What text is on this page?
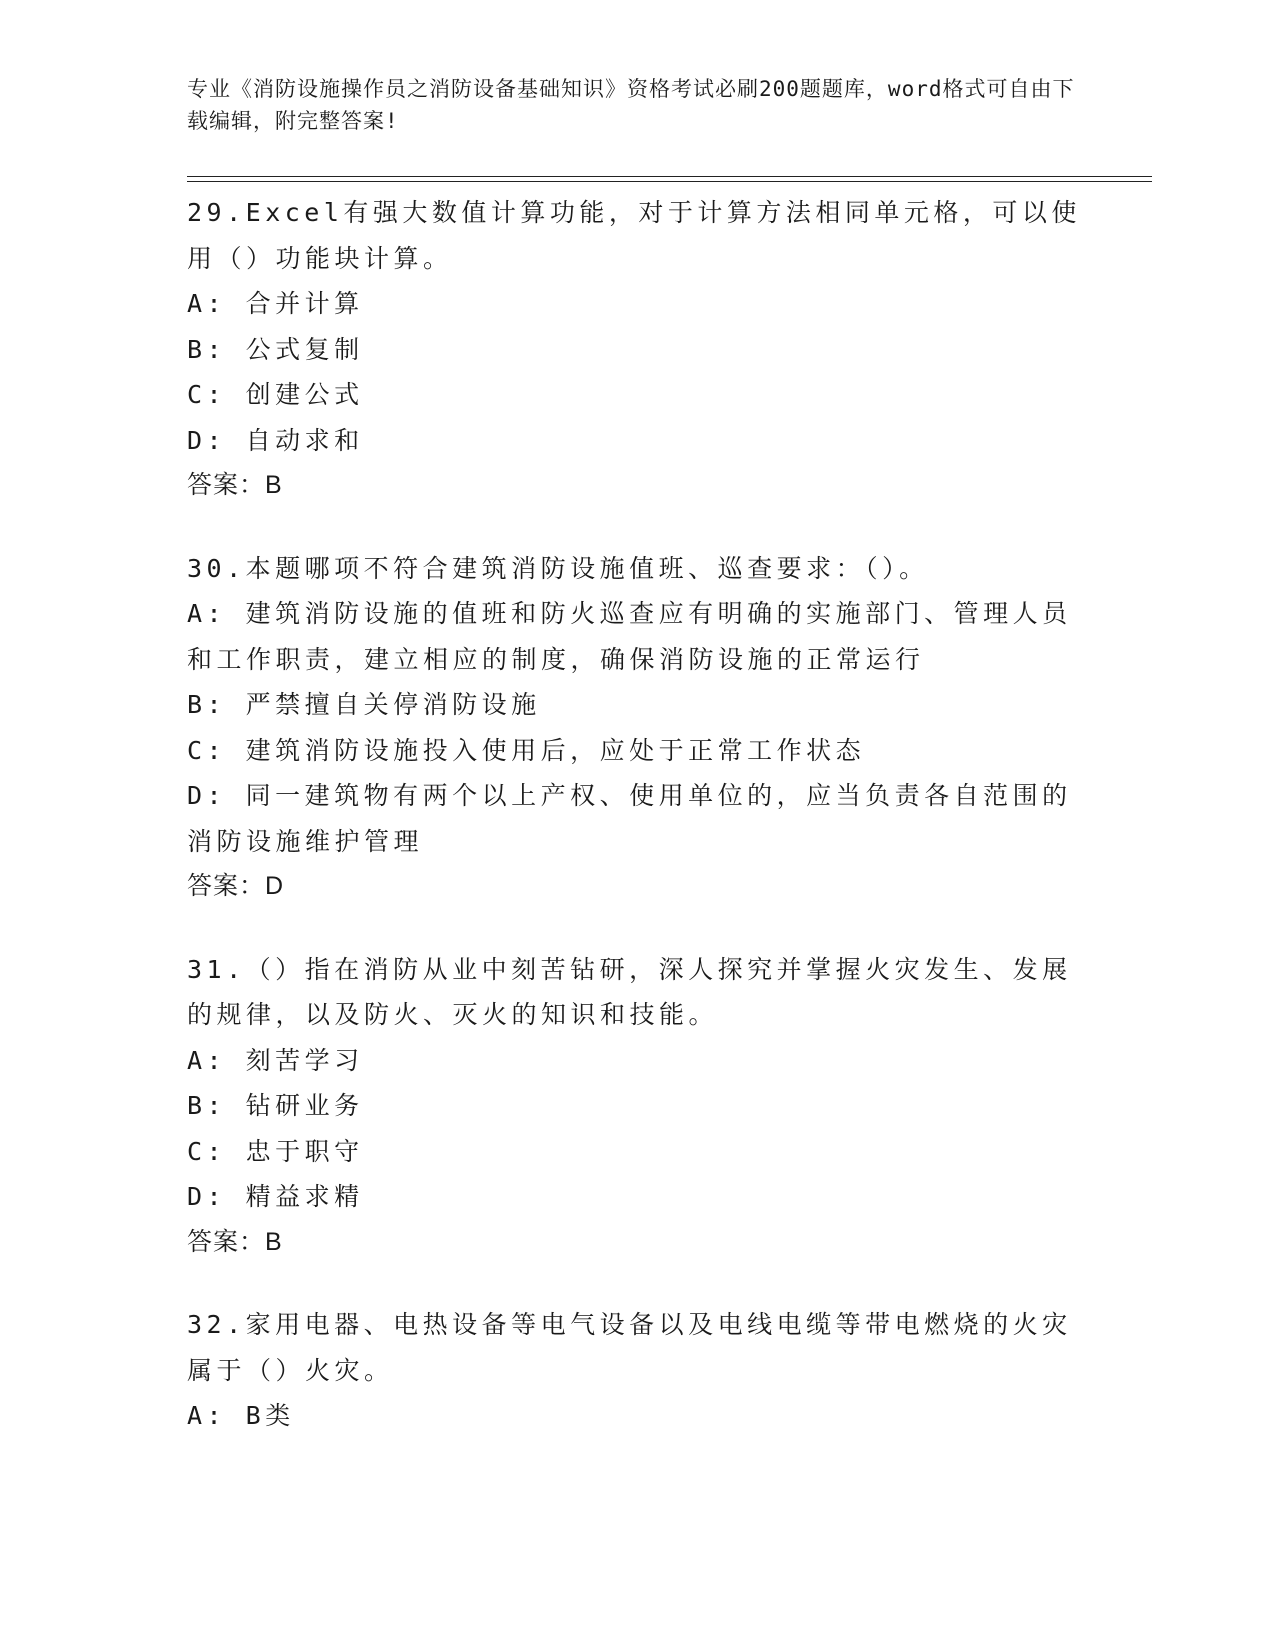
专业《消防设施操作员之消防设备基础知识》资格考试必刷200题题库，word格式可自由下载编辑，附完整答案!
29.Excel有强大数值计算功能，对于计算方法相同单元格，可以使用（）功能块计算。
A: 合并计算
B: 公式复制
C: 创建公式
D: 自动求和
答案：B
30.本题哪项不符合建筑消防设施值班、巡查要求：（）。
A: 建筑消防设施的值班和防火巡查应有明确的实施部门、管理人员和工作职责，建立相应的制度，确保消防设施的正常运行
B: 严禁擅自关停消防设施
C: 建筑消防设施投入使用后，应处于正常工作状态
D: 同一建筑物有两个以上产权、使用单位的，应当负责各自范围的消防设施维护管理
答案：D
31.（）指在消防从业中刻苦钻研，深人探究并掌握火灾发生、发展的规律，以及防火、灭火的知识和技能。
A: 刻苦学习
B: 钻研业务
C: 忠于职守
D: 精益求精
答案：B
32.家用电器、电热设备等电气设备以及电线电缆等带电燃烧的火灾属于（）火灾。
A: B类
